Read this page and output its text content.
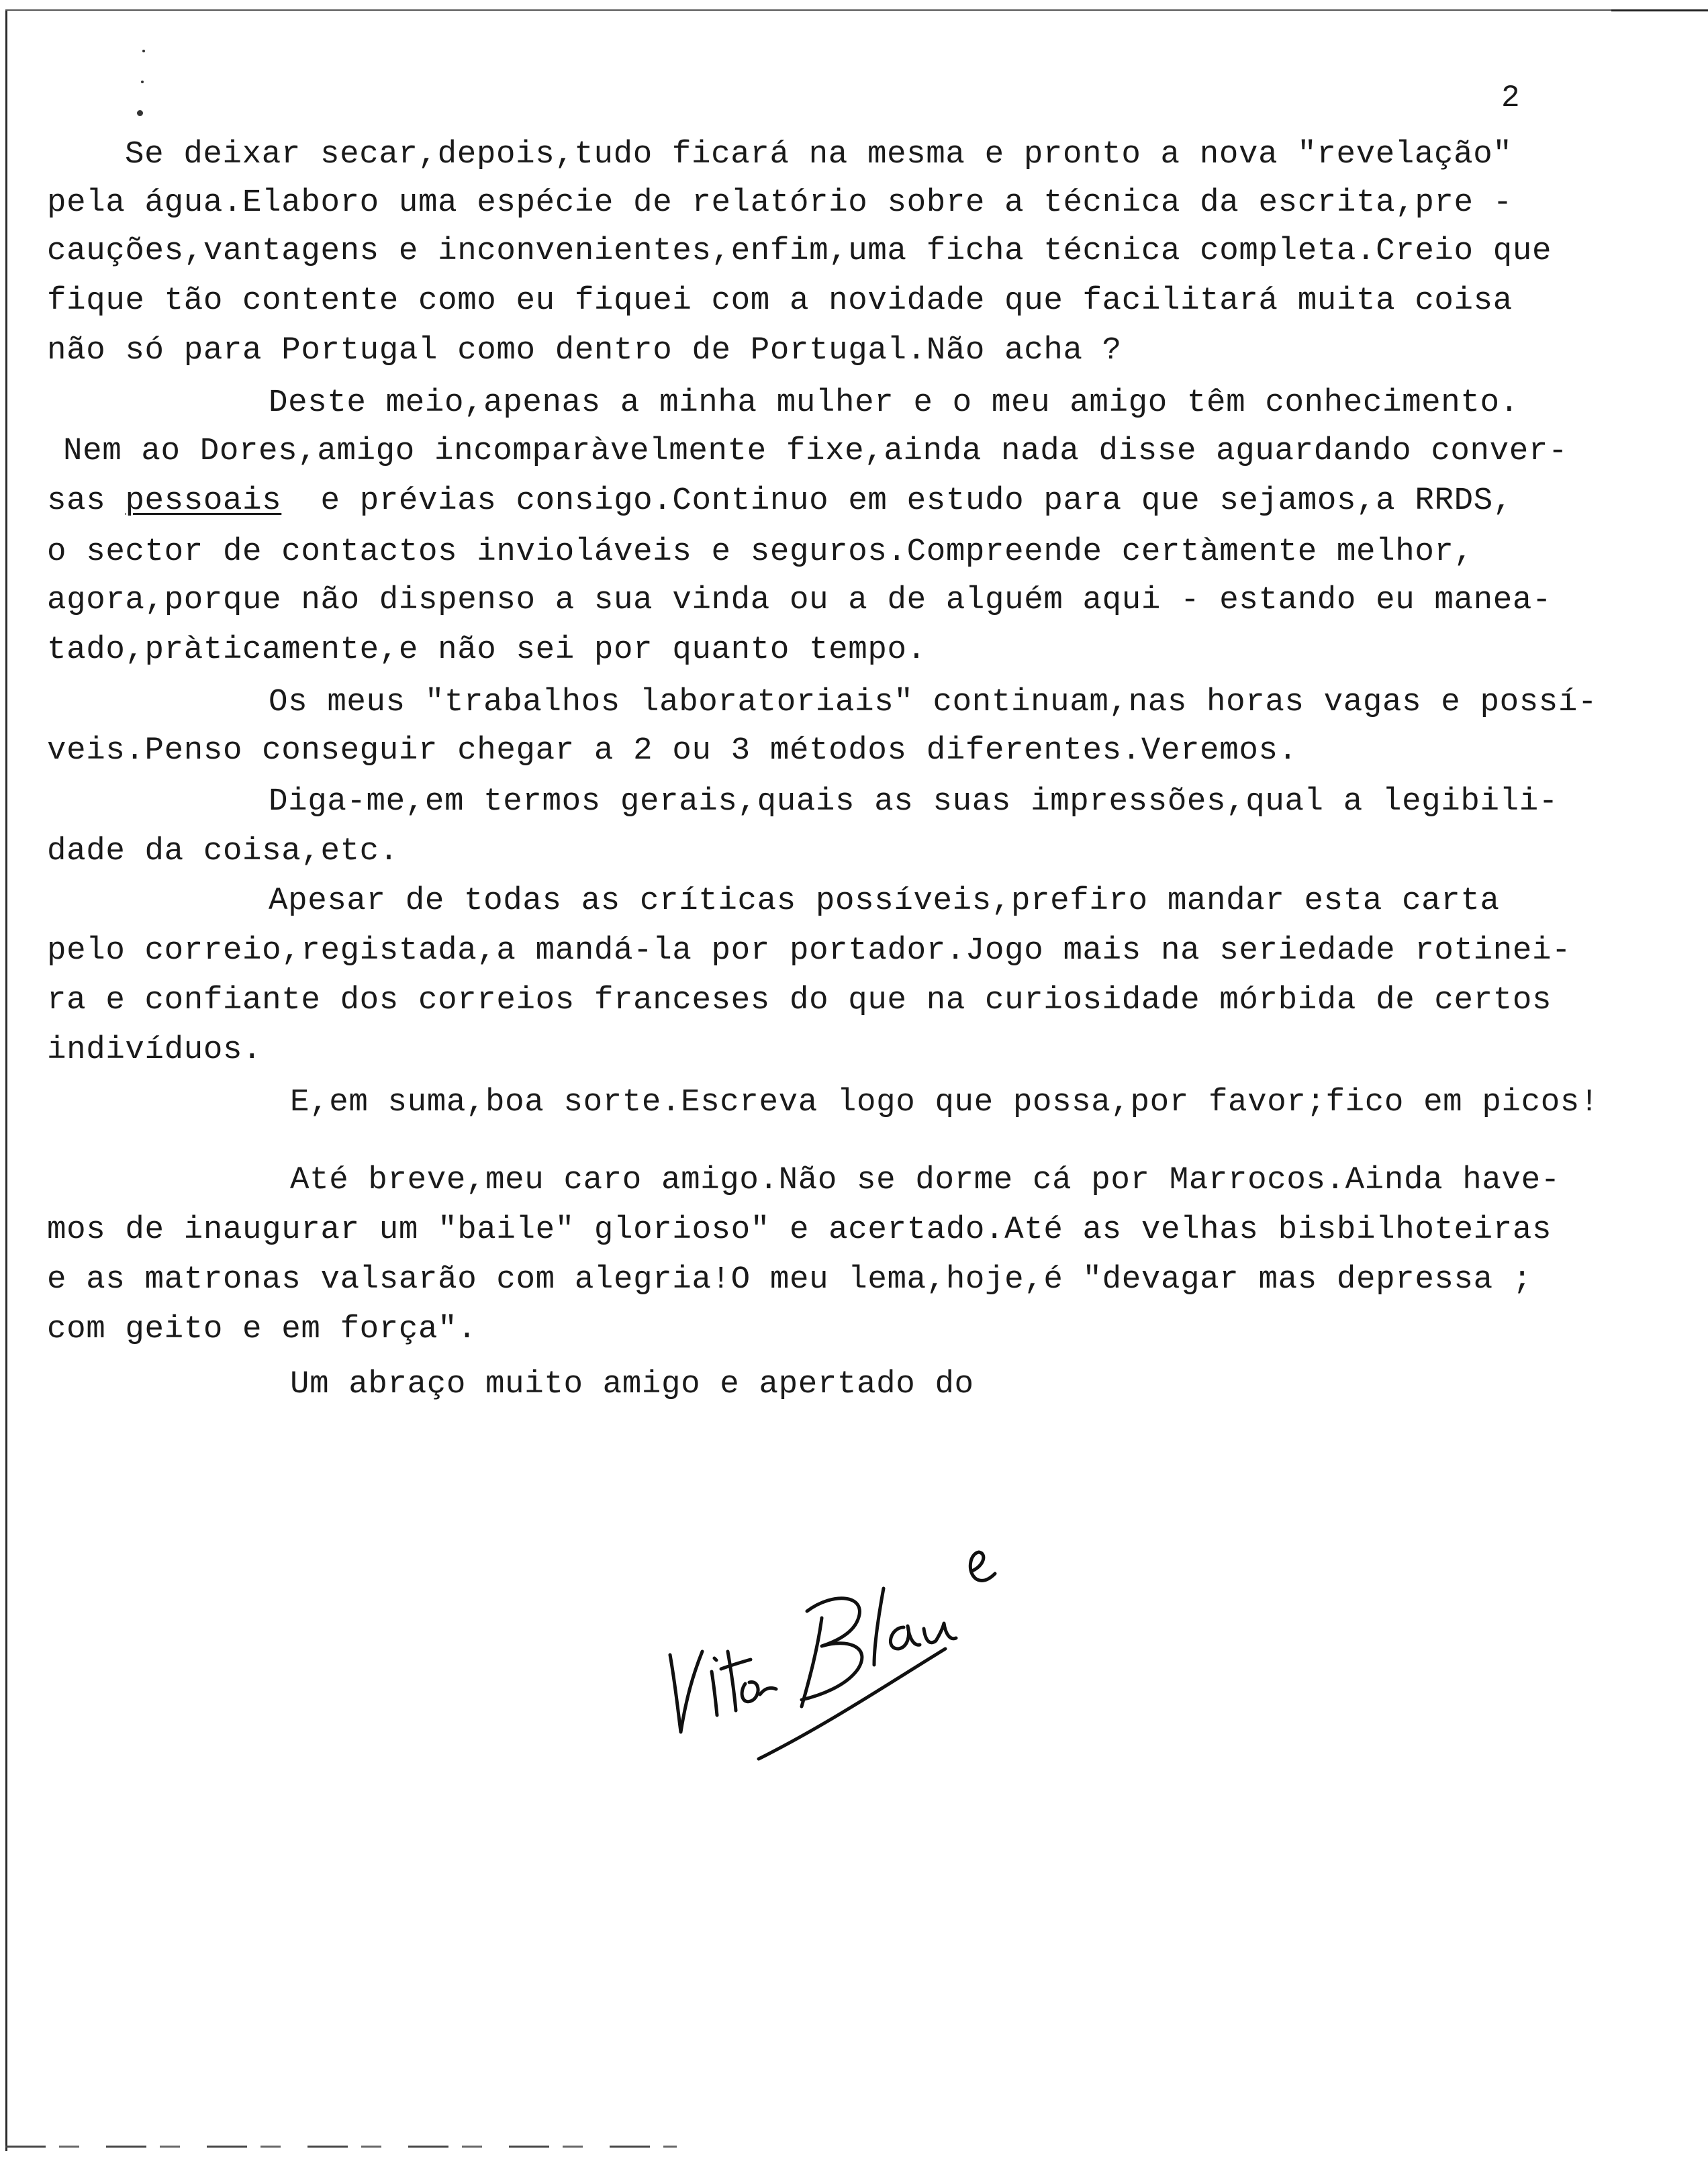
2
Se deixar secar,depois,tudo ficará na mesma e pronto a nova "revelação"
pela água.Elaboro uma espécie de relatório sobre a técnica da escrita,pre -
cauções,vantagens e inconvenientes,enfim,uma ficha técnica completa.Creio que
fique tão contente como eu fiquei com a novidade que facilitará muita coisa
não só para Portugal como dentro de Portugal.Não acha ?
Deste meio,apenas a minha mulher e o meu amigo têm conhecimento.
Nem ao Dores,amigo incomparàvelmente fixe,ainda nada disse aguardando conver-
sas pessoais e prévias consigo.Continuo em estudo para que sejamos,a RRDS,
o sector de contactos invioláveis e seguros.Compreende certàmente melhor,
agora,porque não dispenso a sua vinda ou a de alguém aqui - estando eu manea-
tado,pràticamente,e não sei por quanto tempo.
Os meus "trabalhos laboratoriais" continuam,nas horas vagas e possí-
veis.Penso conseguir chegar a 2 ou 3 métodos diferentes.Veremos.
Diga-me,em termos gerais,quais as suas impressões,qual a legibili-
dade da coisa,etc.
Apesar de todas as críticas possíveis,prefiro mandar esta carta
pelo correio,registada,a mandá-la por portador.Jogo mais na seriedade rotinei-
ra e confiante dos correios franceses do que na curiosidade mórbida de certos
indivíduos.
E,em suma,boa sorte.Escreva logo que possa,por favor;fico em picos!
Até breve,meu caro amigo.Não se dorme cá por Marrocos.Ainda have-
mos de inaugurar um "baile" glorioso" e acertado.Até as velhas bisbilhoteiras
e as matronas valsarão com alegria!O meu lema,hoje,é "devagar mas depressa ;
com geito e em força".
Um abraço muito amigo e apertado do
